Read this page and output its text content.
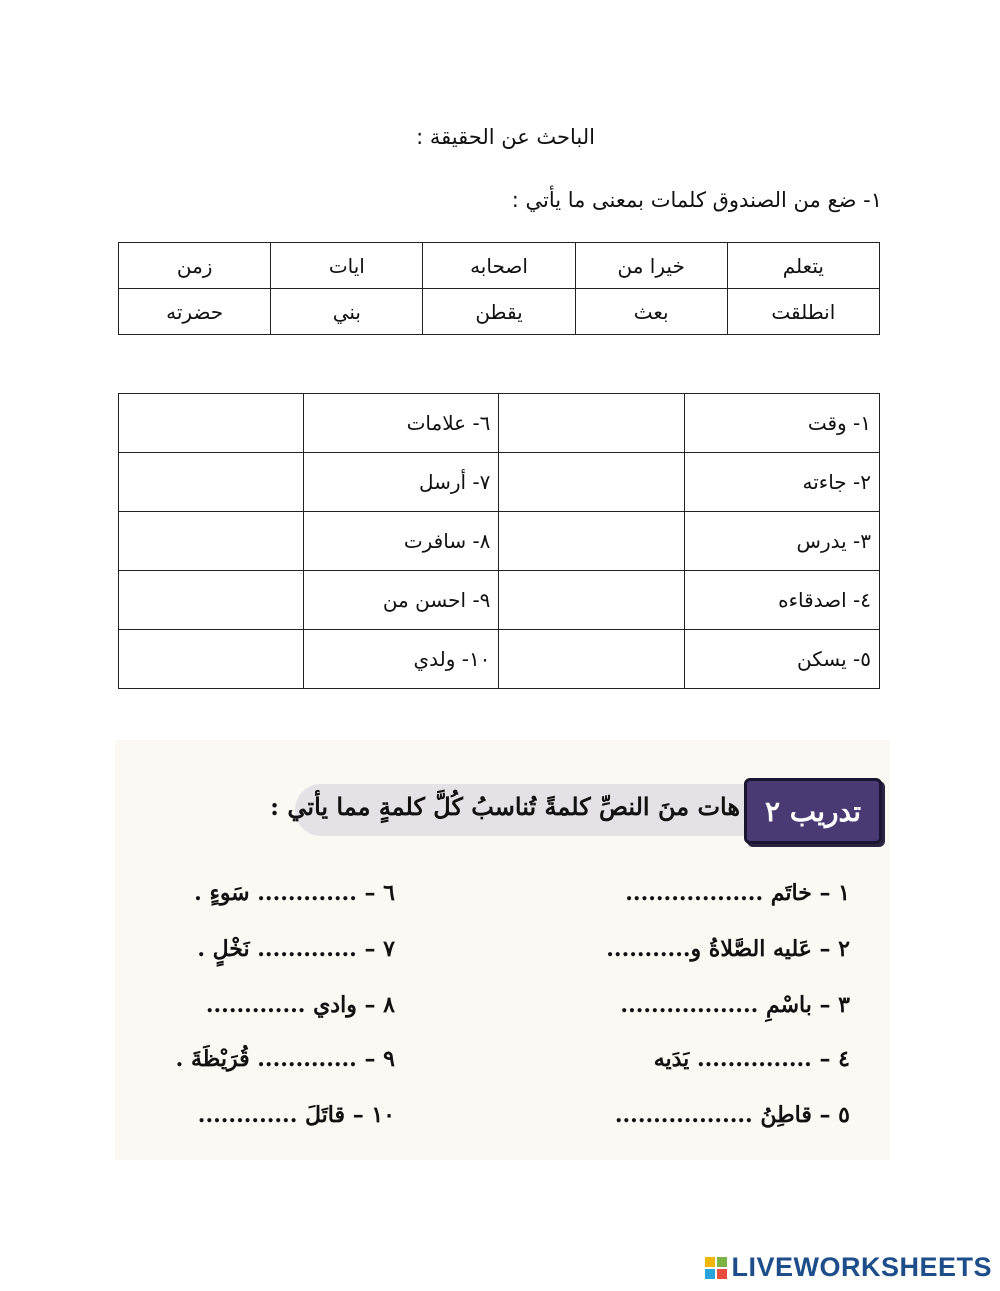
الباحث عن الحقيقة :
١- ضع من الصندوق كلمات بمعنى ما يأتي :
يتعلم	خيرا من	اصحابه	ايات	زمن
انطلقت	بعث	يقطن	بني	حضرته
١- وقت		٦- علامات	
٢- جاءته		٧- أرسل	
٣- يدرس		٨- سافرت	
٤- اصدقاءه		٩- احسن من	
٥- يسكن		١٠- ولدي	
هات منَ النصِّ كلمةً تُناسبُ كُلَّ كلمةٍ مما يأتي : تدريب ٢
١ – خاتَم ..................
٢ – عَليه الصَّلاةُ و...........
٣ – باسْمِ ..................
٤ – ............... يَدَيه
٥ – قاطِنُ ..................
٦ – ............. سَوءٍ .
٧ – ............. نَخْلٍ .
٨ – وادي .............
٩ – ............. قُرَيْظَةَ .
١٠ – قاتَلَ .............
LIVEWORKSHEETS
